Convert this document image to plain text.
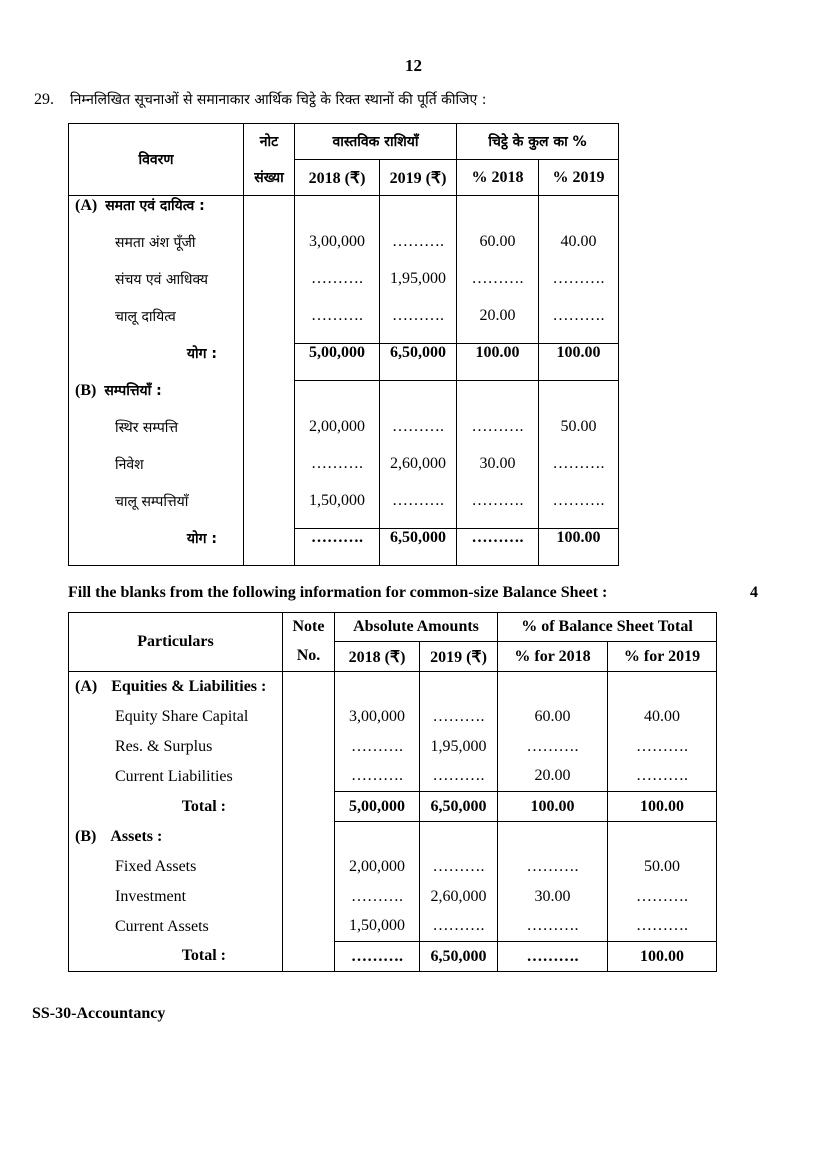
12
29. निम्नलिखित सूचनाओं से समानाकार आर्थिक चिट्ठे के रिक्त स्थानों की पूर्ति कीजिए :
विवरण	नोट	वास्तविक राशियाँ		चिट्ठे के कुल का %	
	संख्या	2018 (₹)	2019 (₹)	% 2018	% 2019
(A) समता एवं दायित्व :					
समता अंश पूँजी		3,00,000	……….	60.00	40.00
संचय एवं आधिक्य		……….	1,95,000	……….	……….
चालू दायित्व		……….	……….	20.00	……….
योग :		5,00,000	6,50,000	100.00	100.00
(B) सम्पत्तियाँ :					
स्थिर सम्पत्ति		2,00,000	……….	……….	50.00
निवेश		……….	2,60,000	30.00	……….
चालू सम्पत्तियाँ		1,50,000	……….	……….	……….
योग :		……….	6,50,000	……….	100.00
Fill the blanks from the following information for common-size Balance Sheet :	4
Particulars	Note	Absolute Amounts		% of Balance Sheet Total	
	No.	2018 (₹)	2019 (₹)	% for 2018	% for 2019
(A) Equities & Liabilities :					
Equity Share Capital		3,00,000	……….	60.00	40.00
Res. & Surplus		……….	1,95,000	……….	……….
Current Liabilities		……….	……….	20.00	……….
Total :		5,00,000	6,50,000	100.00	100.00
(B) Assets :					
Fixed Assets		2,00,000	……….	……….	50.00
Investment		……….	2,60,000	30.00	……….
Current Assets		1,50,000	……….	……….	……….
Total :		……….	6,50,000	……….	100.00
SS-30-Accountancy
